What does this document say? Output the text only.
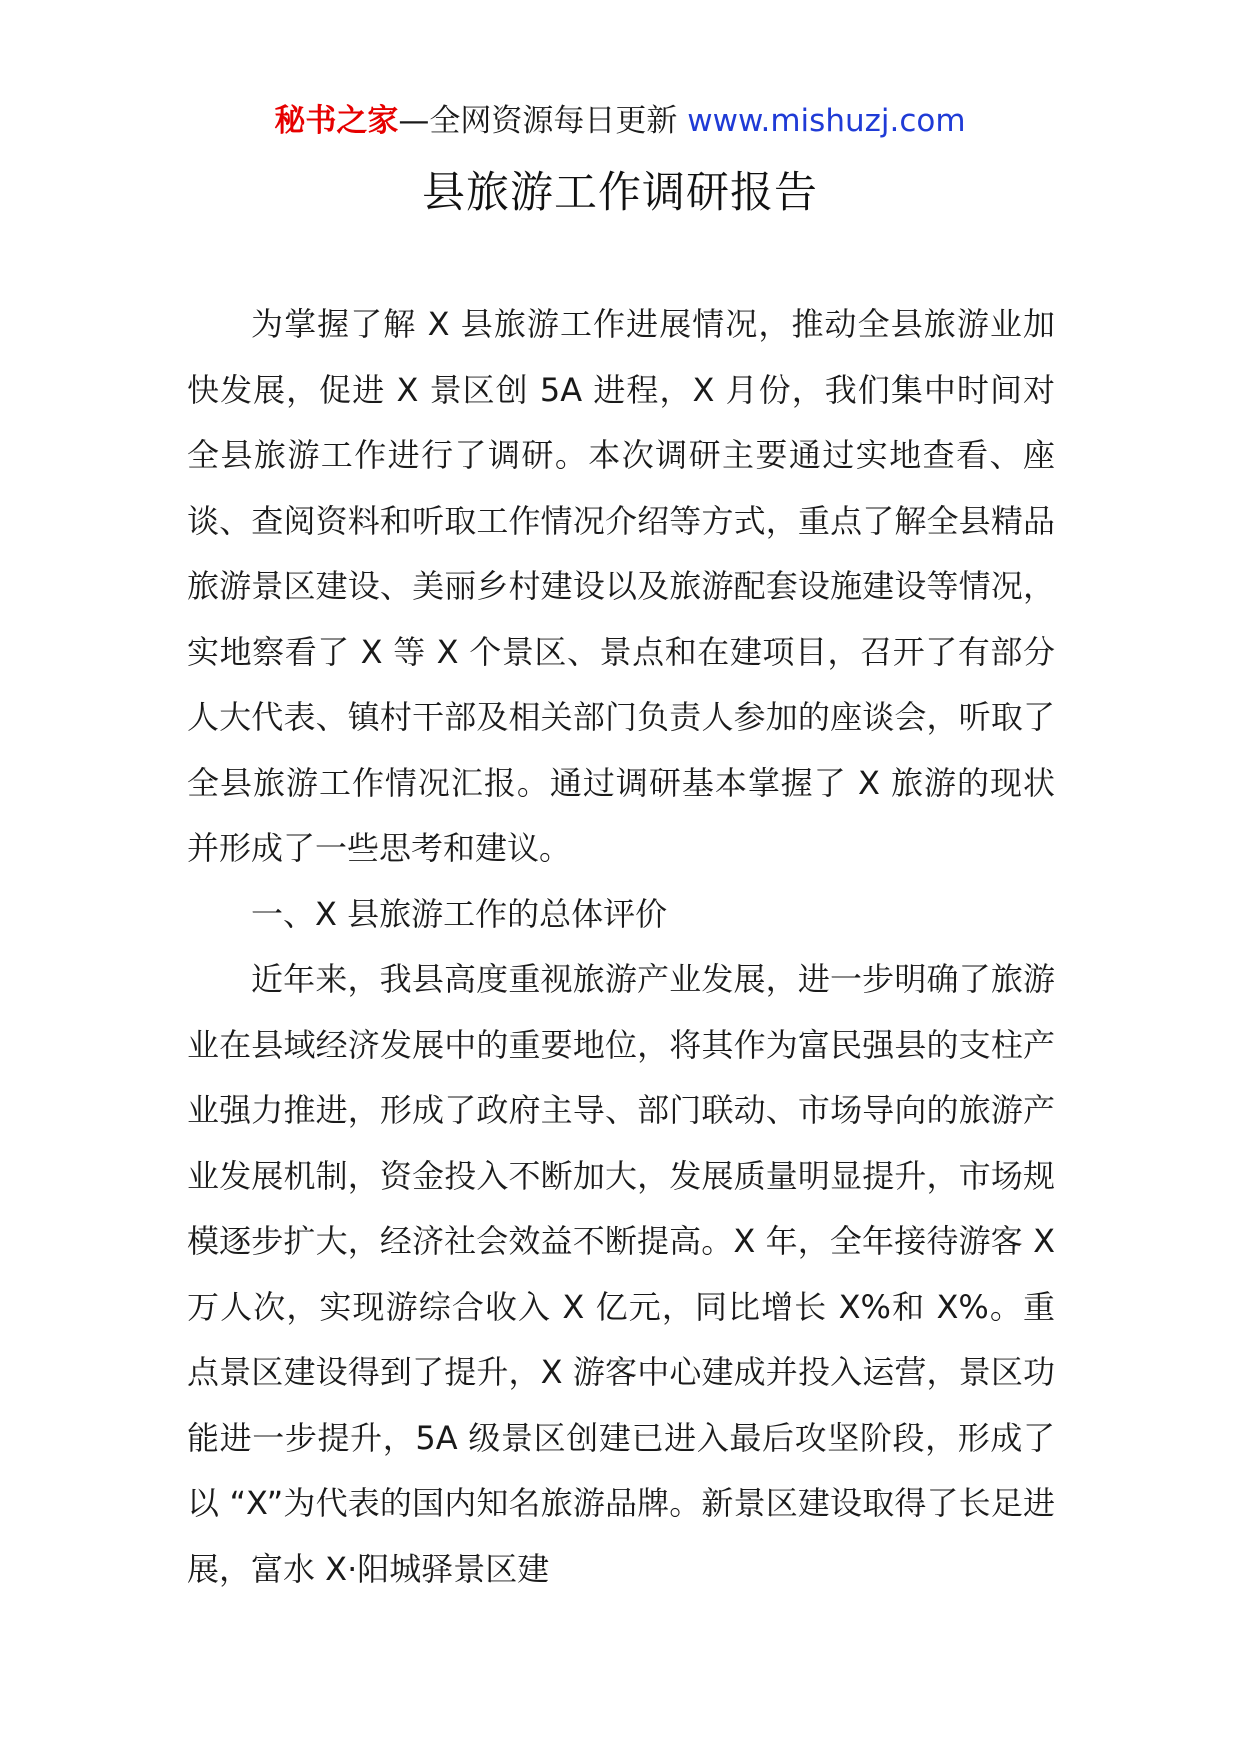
秘书之家—全网资源每日更新 www.mishuzj.com
县旅游工作调研报告

为掌握了解 X 县旅游工作进展情况，推动全县旅游业加快发展，促进 X 景区创 5A 进程，X 月份，我们集中时间对全县旅游工作进行了调研。本次调研主要通过实地查看、座谈、查阅资料和听取工作情况介绍等方式，重点了解全县精品旅游景区建设、美丽乡村建设以及旅游配套设施建设等情况，实地察看了 X 等 X 个景区、景点和在建项目，召开了有部分人大代表、镇村干部及相关部门负责人参加的座谈会，听取了全县旅游工作情况汇报。通过调研基本掌握了 X 旅游的现状并形成了一些思考和建议。

一、X 县旅游工作的总体评价

近年来，我县高度重视旅游产业发展，进一步明确了旅游业在县域经济发展中的重要地位，将其作为富民强县的支柱产业强力推进，形成了政府主导、部门联动、市场导向的旅游产业发展机制，资金投入不断加大，发展质量明显提升，市场规模逐步扩大，经济社会效益不断提高。X 年，全年接待游客 X 万人次，实现游综合收入 X 亿元，同比增长 X%和 X%。重点景区建设得到了提升，X 游客中心建成并投入运营，景区功能进一步提升，5A 级景区创建已进入最后攻坚阶段，形成了以 “X”为代表的国内知名旅游品牌。新景区建设取得了长足进展，富水 X·阳城驿景区建
